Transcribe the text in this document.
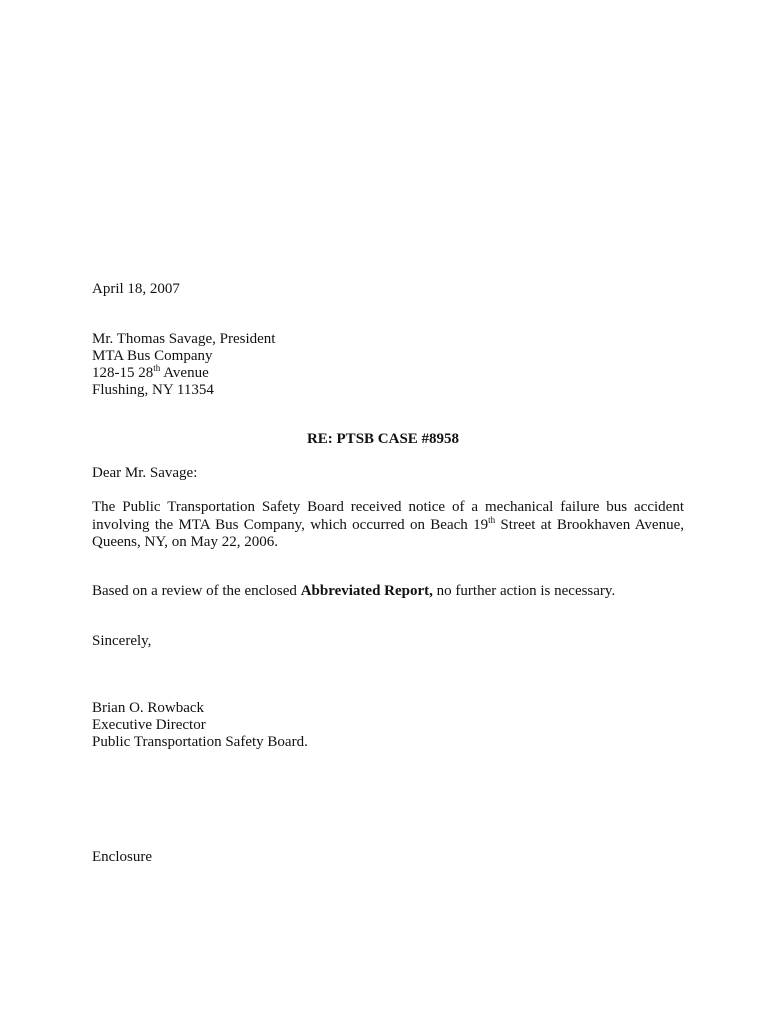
April 18, 2007
Mr. Thomas Savage, President
MTA Bus Company
128-15 28th Avenue
Flushing, NY 11354
RE: PTSB CASE #8958
Dear Mr. Savage:
The Public Transportation Safety Board received notice of a mechanical failure bus accident involving the MTA Bus Company, which occurred on Beach 19th Street at Brookhaven Avenue, Queens, NY, on May 22, 2006.
Based on a review of the enclosed Abbreviated Report, no further action is necessary.
Sincerely,
Brian O. Rowback
Executive Director
Public Transportation Safety Board.
Enclosure
